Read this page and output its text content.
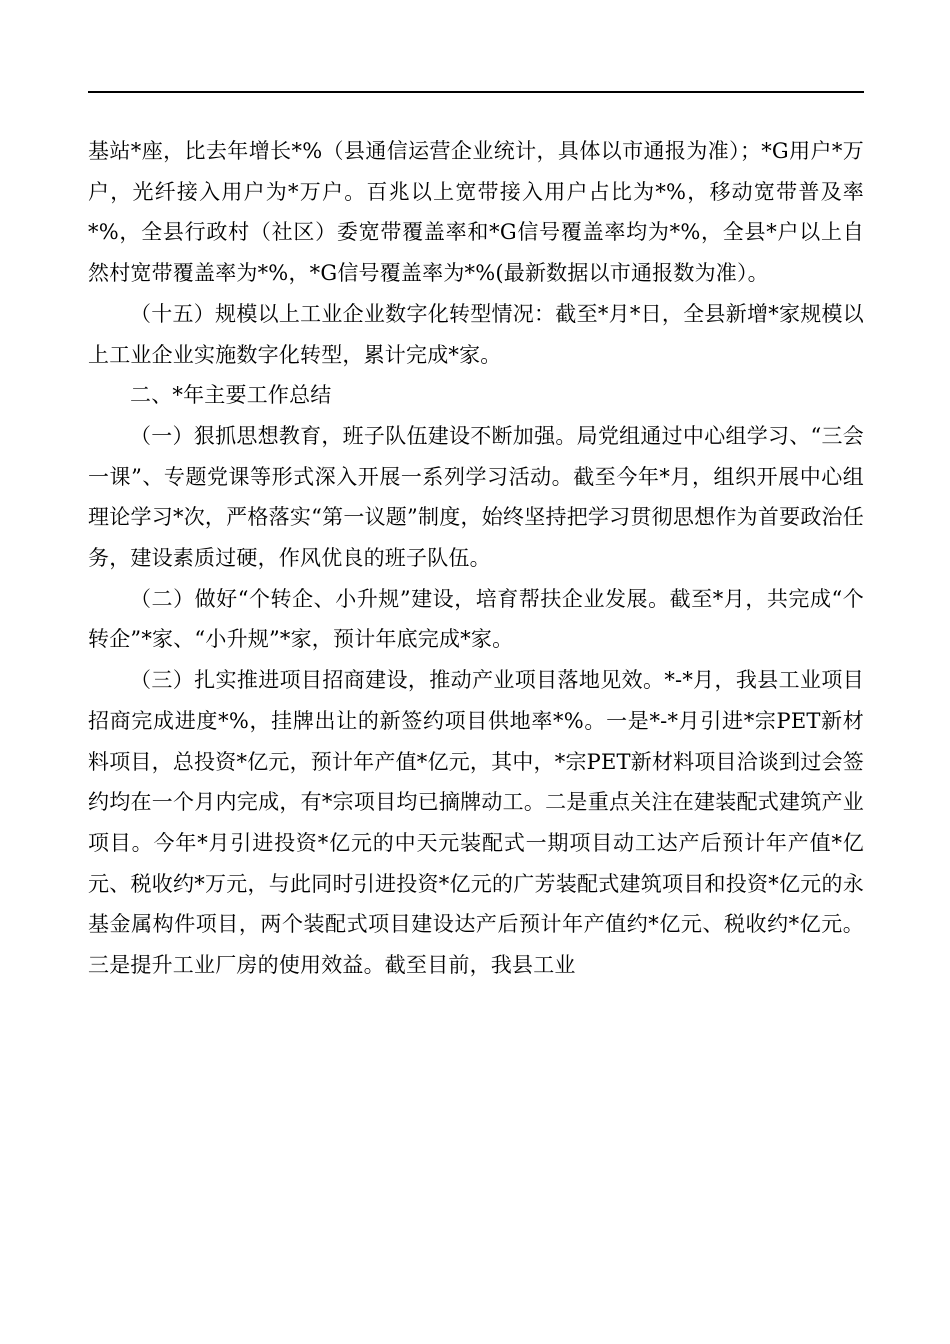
基站*座，比去年增长*%（县通信运营企业统计，具体以市通报为准）；*G用户*万户，光纤接入用户为*万户。百兆以上宽带接入用户占比为*%，移动宽带普及率*%，全县行政村（社区）委宽带覆盖率和*G信号覆盖率均为*%，全县*户以上自然村宽带覆盖率为*%，*G信号覆盖率为*%(最新数据以市通报数为准）。

（十五）规模以上工业企业数字化转型情况：截至*月*日，全县新增*家规模以上工业企业实施数字化转型，累计完成*家。

二、*年主要工作总结

（一）狠抓思想教育，班子队伍建设不断加强。局党组通过中心组学习、“三会一课”、专题党课等形式深入开展一系列学习活动。截至今年*月，组织开展中心组理论学习*次，严格落实“第一议题”制度，始终坚持把学习贯彻思想作为首要政治任务，建设素质过硬，作风优良的班子队伍。

（二）做好“个转企、小升规”建设，培育帮扶企业发展。截至*月，共完成“个转企”*家、“小升规”*家，预计年底完成*家。

（三）扎实推进项目招商建设，推动产业项目落地见效。*-*月，我县工业项目招商完成进度*%，挂牌出让的新签约项目供地率*%。一是*-*月引进*宗PET新材料项目，总投资*亿元，预计年产值*亿元，其中，*宗PET新材料项目洽谈到过会签约均在一个月内完成，有*宗项目均已摘牌动工。二是重点关注在建装配式建筑产业项目。今年*月引进投资*亿元的中天元装配式一期项目动工达产后预计年产值*亿元、税收约*万元，与此同时引进投资*亿元的广芳装配式建筑项目和投资*亿元的永基金属构件项目，两个装配式项目建设达产后预计年产值约*亿元、税收约*亿元。三是提升工业厂房的使用效益。截至目前，我县工业
